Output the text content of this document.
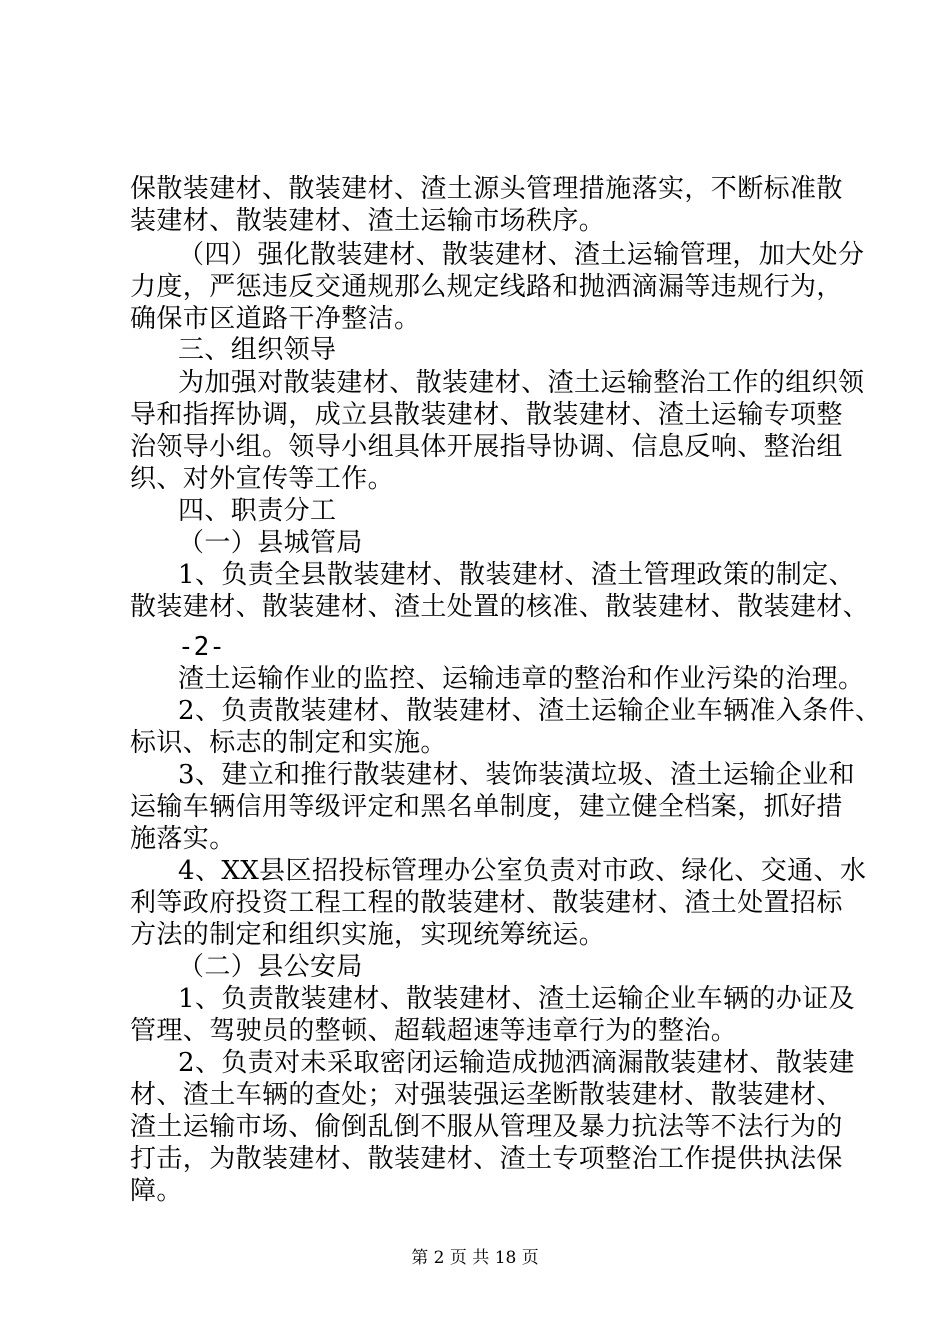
保散装建材、散装建材、渣土源头管理措施落实，不断标准散
装建材、散装建材、渣土运输市场秩序。
（四）强化散装建材、散装建材、渣土运输管理，加大处分
力度，严惩违反交通规那么规定线路和抛洒滴漏等违规行为，
确保市区道路干净整洁。
三、组织领导
为加强对散装建材、散装建材、渣土运输整治工作的组织领
导和指挥协调，成立县散装建材、散装建材、渣土运输专项整
治领导小组。领导小组具体开展指导协调、信息反响、整治组
织、对外宣传等工作。
四、职责分工
（一）县城管局
1、负责全县散装建材、散装建材、渣土管理政策的制定、
散装建材、散装建材、渣土处置的核准、散装建材、散装建材、
-2-
渣土运输作业的监控、运输违章的整治和作业污染的治理。
2、负责散装建材、散装建材、渣土运输企业车辆准入条件、
标识、标志的制定和实施。
3、建立和推行散装建材、装饰装潢垃圾、渣土运输企业和
运输车辆信用等级评定和黑名单制度，建立健全档案，抓好措
施落实。
4、XX县区招投标管理办公室负责对市政、绿化、交通、水
利等政府投资工程工程的散装建材、散装建材、渣土处置招标
方法的制定和组织实施，实现统筹统运。
（二）县公安局
1、负责散装建材、散装建材、渣土运输企业车辆的办证及
管理、驾驶员的整顿、超载超速等违章行为的整治。
2、负责对未采取密闭运输造成抛洒滴漏散装建材、散装建
材、渣土车辆的查处；对强装强运垄断散装建材、散装建材、
渣土运输市场、偷倒乱倒不服从管理及暴力抗法等不法行为的
打击，为散装建材、散装建材、渣土专项整治工作提供执法保
障。
第 2 页 共 18 页
